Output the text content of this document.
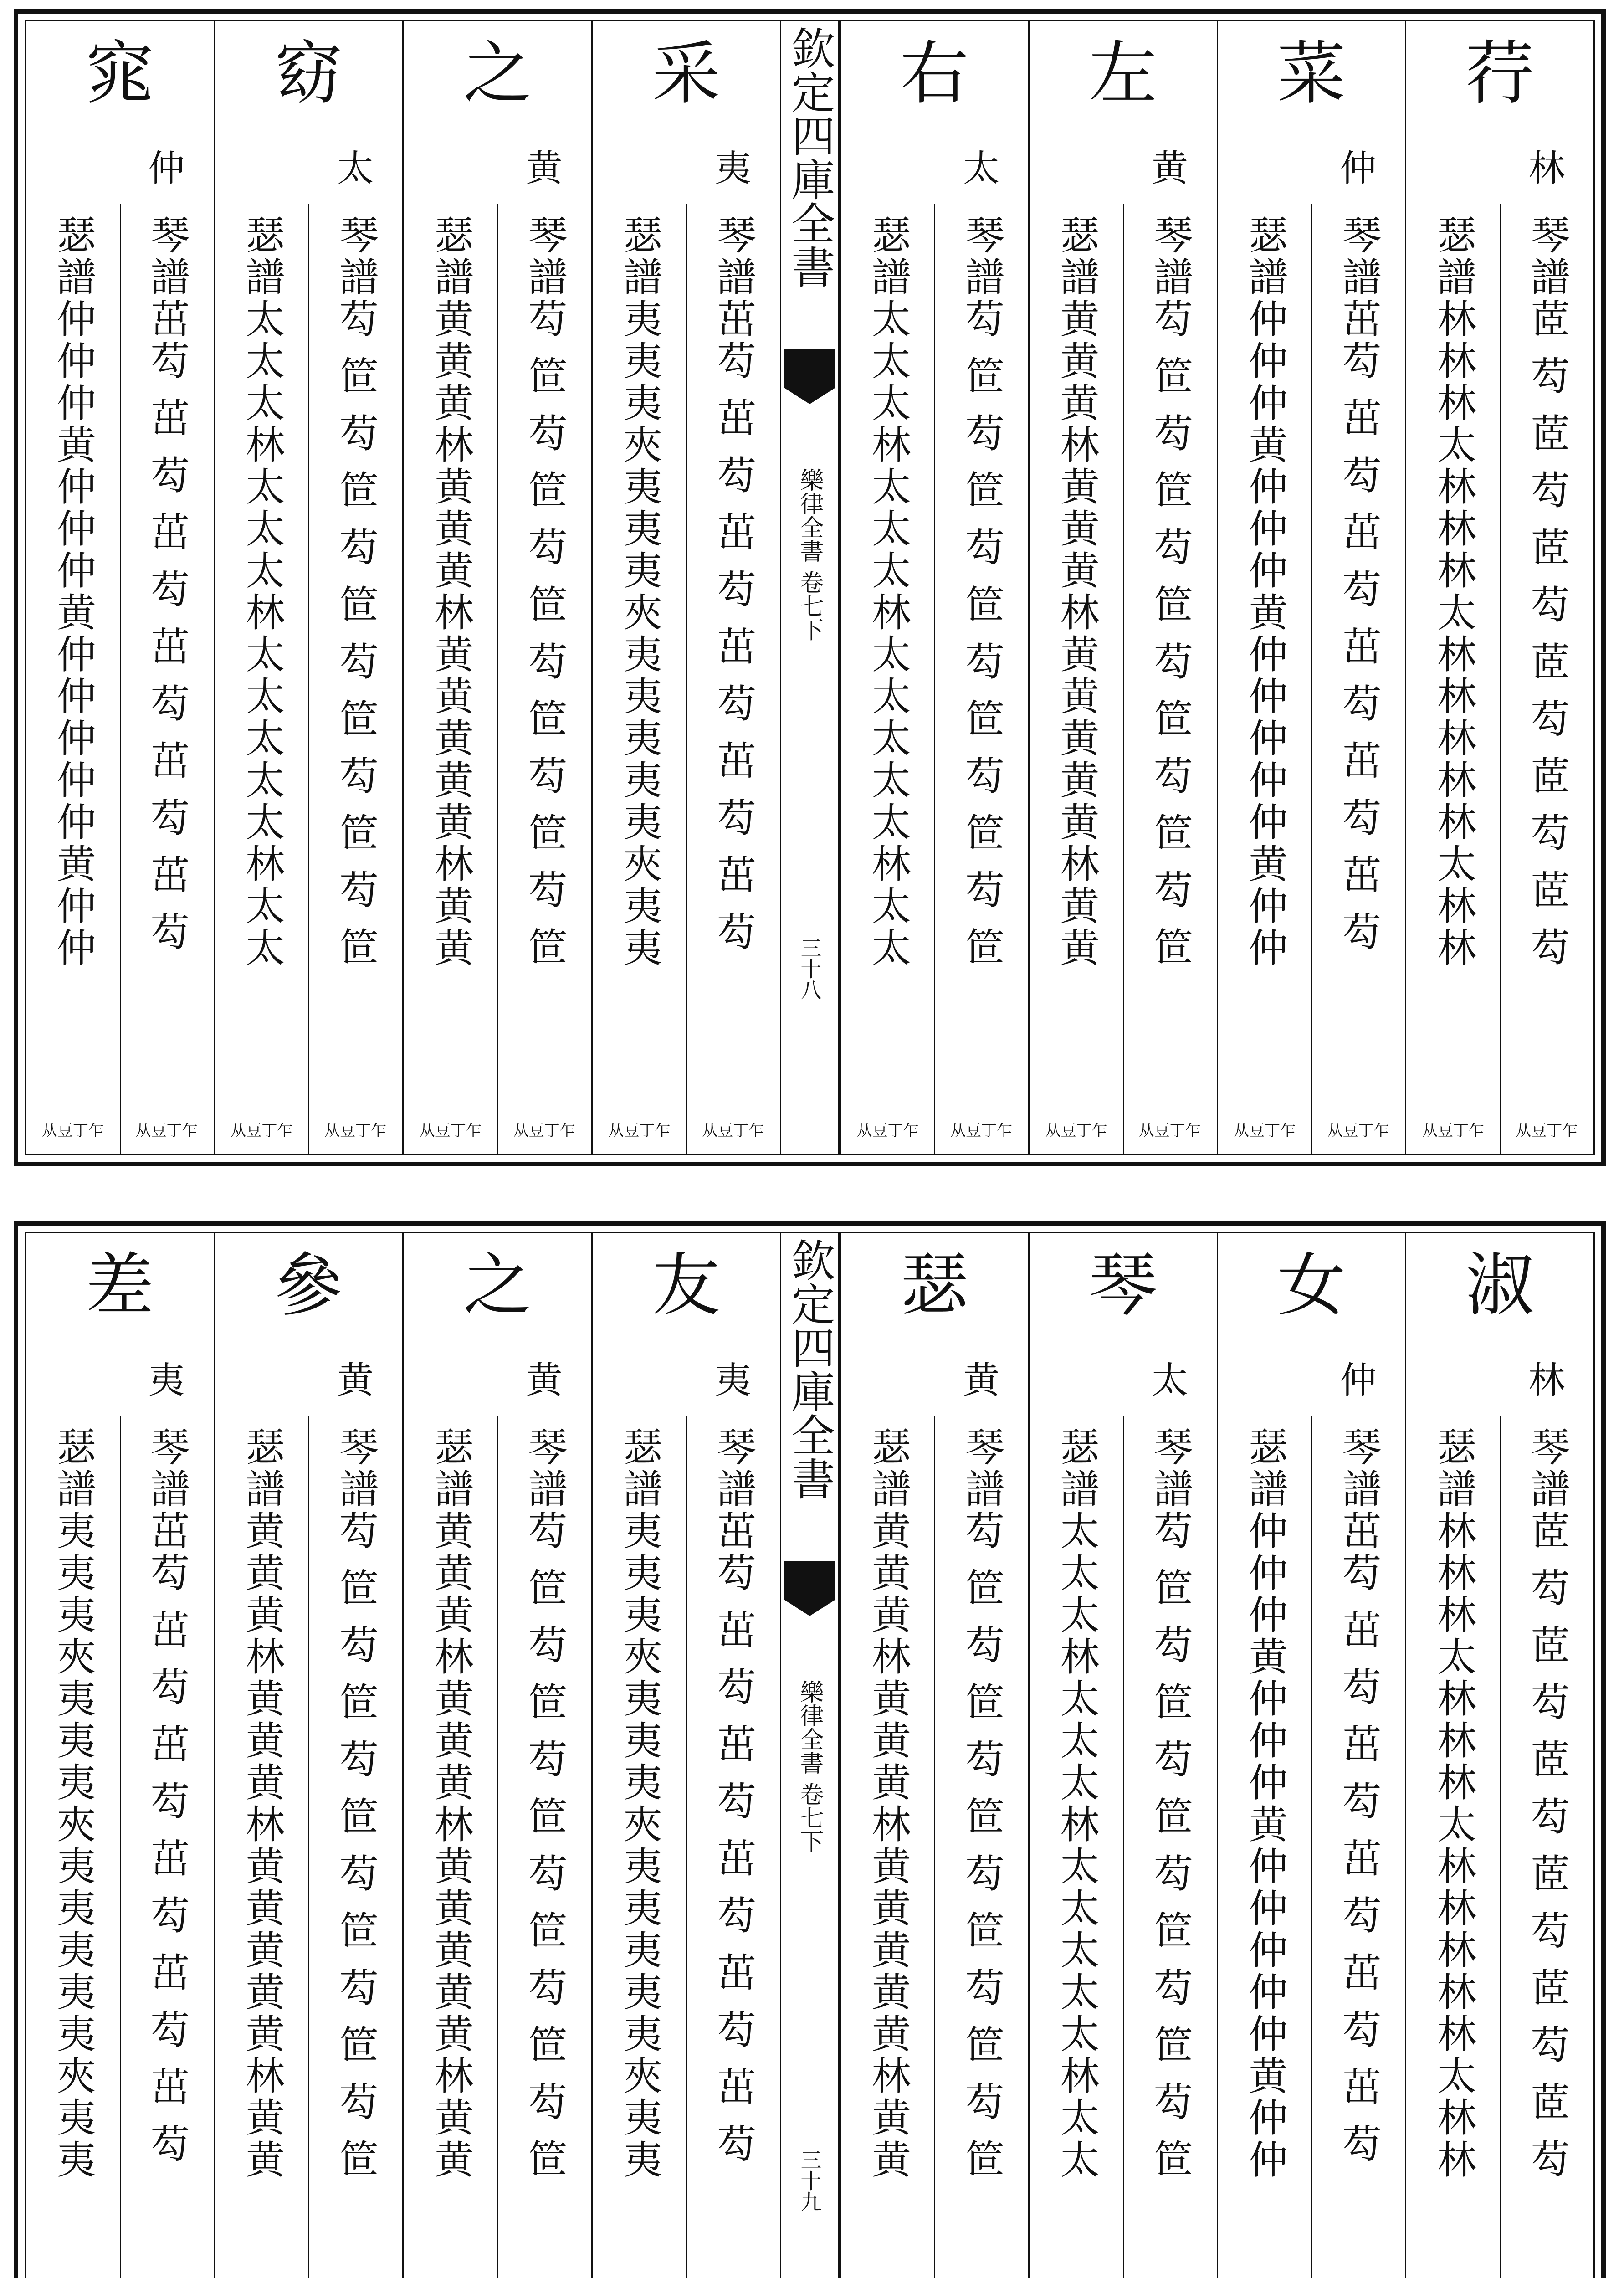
荇
林
琴譜茝 芶 茝 芶 茝 芶 茝 芶 茝 芶 茝 芶
瑟譜林林林太林林林太林林林林林太林林
从豆丁乍
从豆丁乍
菜
仲
琴譜茁芶 茁 芶 茁 芶 茁 芶 茁 芶 茁 芶
瑟譜仲仲仲黄仲仲仲黄仲仲仲仲仲黄仲仲
从豆丁乍
从豆丁乍
左
黄
琴譜芶 笸 芶 笸 芶 笸 芶 笸 芶 笸 芶 笸
瑟譜黄黄黄林黄黄黄林黄黄黄黄黄林黄黄
从豆丁乍
从豆丁乍
右
太
琴譜芶 笸 芶 笸 芶 笸 芶 笸 芶 笸 芶 笸
瑟譜太太太林太太太林太太太太太林太太
从豆丁乍
从豆丁乍
欽定四庫全書
樂律全書 卷七下
三十八
采
夷
琴譜茁芶 茁 芶 茁 芶 茁 芶 茁 芶 茁 芶
瑟譜夷夷夷夾夷夷夷夾夷夷夷夷夷夾夷夷
从豆丁乍
从豆丁乍
之
黄
琴譜芶 笸 芶 笸 芶 笸 芶 笸 芶 笸 芶 笸
瑟譜黄黄黄林黄黄黄林黄黄黄黄黄林黄黄
从豆丁乍
从豆丁乍
窈
太
琴譜芶 笸 芶 笸 芶 笸 芶 笸 芶 笸 芶 笸
瑟譜太太太林太太太林太太太太太林太太
从豆丁乍
从豆丁乍
窕
仲
琴譜茁芶 茁 芶 茁 芶 茁 芶 茁 芶 茁 芶
瑟譜仲仲仲黄仲仲仲黄仲仲仲仲仲黄仲仲
从豆丁乍
从豆丁乍
淑
林
琴譜茝 芶 茝 芶 茝 芶 茝 芶 茝 芶 茝 芶
瑟譜林林林太林林林太林林林林林太林林
女
仲
琴譜茁芶 茁 芶 茁 芶 茁 芶 茁 芶 茁 芶
瑟譜仲仲仲黄仲仲仲黄仲仲仲仲仲黄仲仲
琴
太
琴譜芶 笸 芶 笸 芶 笸 芶 笸 芶 笸 芶 笸
瑟譜太太太林太太太林太太太太太林太太
瑟
黄
琴譜芶 笸 芶 笸 芶 笸 芶 笸 芶 笸 芶 笸
瑟譜黄黄黄林黄黄黄林黄黄黄黄黄林黄黄
欽定四庫全書
樂律全書 卷七下
三十九
友
夷
琴譜茁芶 茁 芶 茁 芶 茁 芶 茁 芶 茁 芶
瑟譜夷夷夷夾夷夷夷夾夷夷夷夷夷夾夷夷
之
黄
琴譜芶 笸 芶 笸 芶 笸 芶 笸 芶 笸 芶 笸
瑟譜黄黄黄林黄黄黄林黄黄黄黄黄林黄黄
參
黄
琴譜芶 笸 芶 笸 芶 笸 芶 笸 芶 笸 芶 笸
瑟譜黄黄黄林黄黄黄林黄黄黄黄黄林黄黄
差
夷
琴譜茁芶 茁 芶 茁 芶 茁 芶 茁 芶 茁 芶
瑟譜夷夷夷夾夷夷夷夾夷夷夷夷夷夾夷夷
